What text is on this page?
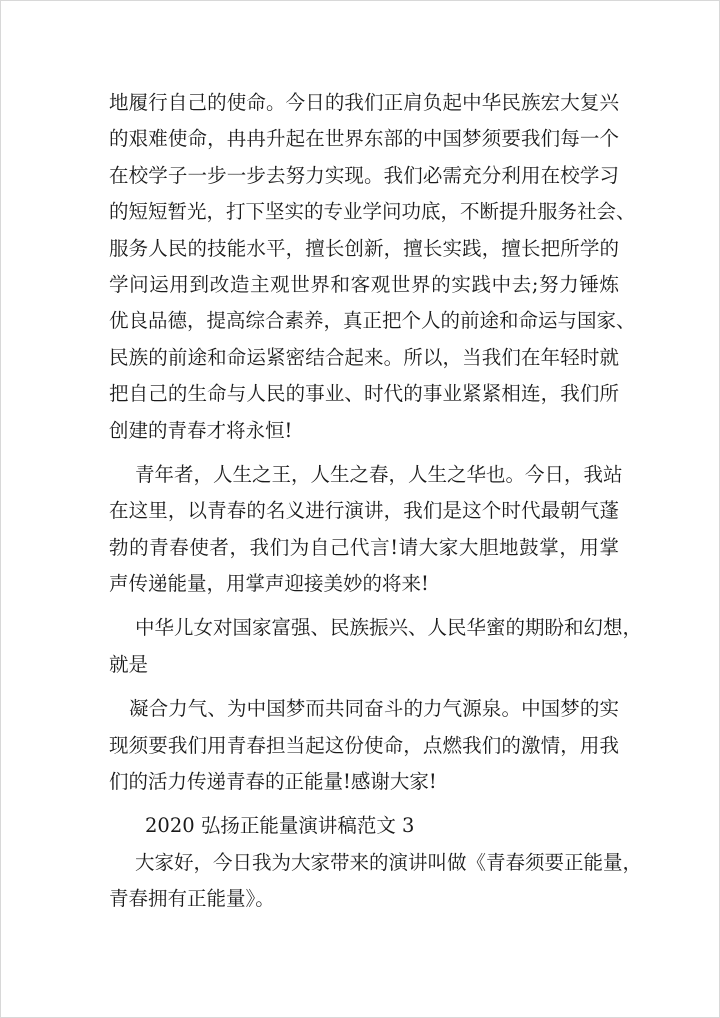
地履行自己的使命。今日的我们正肩负起中华民族宏大复兴
的艰难使命，冉冉升起在世界东部的中国梦须要我们每一个
在校学子一步一步去努力实现。我们必需充分利用在校学习
的短短暂光，打下坚实的专业学问功底，不断提升服务社会、
服务人民的技能水平，擅长创新，擅长实践，擅长把所学的
学问运用到改造主观世界和客观世界的实践中去;努力锤炼
优良品德，提高综合素养，真正把个人的前途和命运与国家、
民族的前途和命运紧密结合起来。所以，当我们在年轻时就
把自己的生命与人民的事业、时代的事业紧紧相连，我们所
创建的青春才将永恒!
青年者，人生之王，人生之春，人生之华也。今日，我站
在这里，以青春的名义进行演讲，我们是这个时代最朝气蓬
勃的青春使者，我们为自己代言!请大家大胆地鼓掌，用掌
声传递能量，用掌声迎接美妙的将来!
中华儿女对国家富强、民族振兴、人民华蜜的期盼和幻想，
就是
凝合力气、为中国梦而共同奋斗的力气源泉。中国梦的实
现须要我们用青春担当起这份使命，点燃我们的激情，用我
们的活力传递青春的正能量!感谢大家!
2020 弘扬正能量演讲稿范文 3
大家好，今日我为大家带来的演讲叫做《青春须要正能量，
青春拥有正能量》。
